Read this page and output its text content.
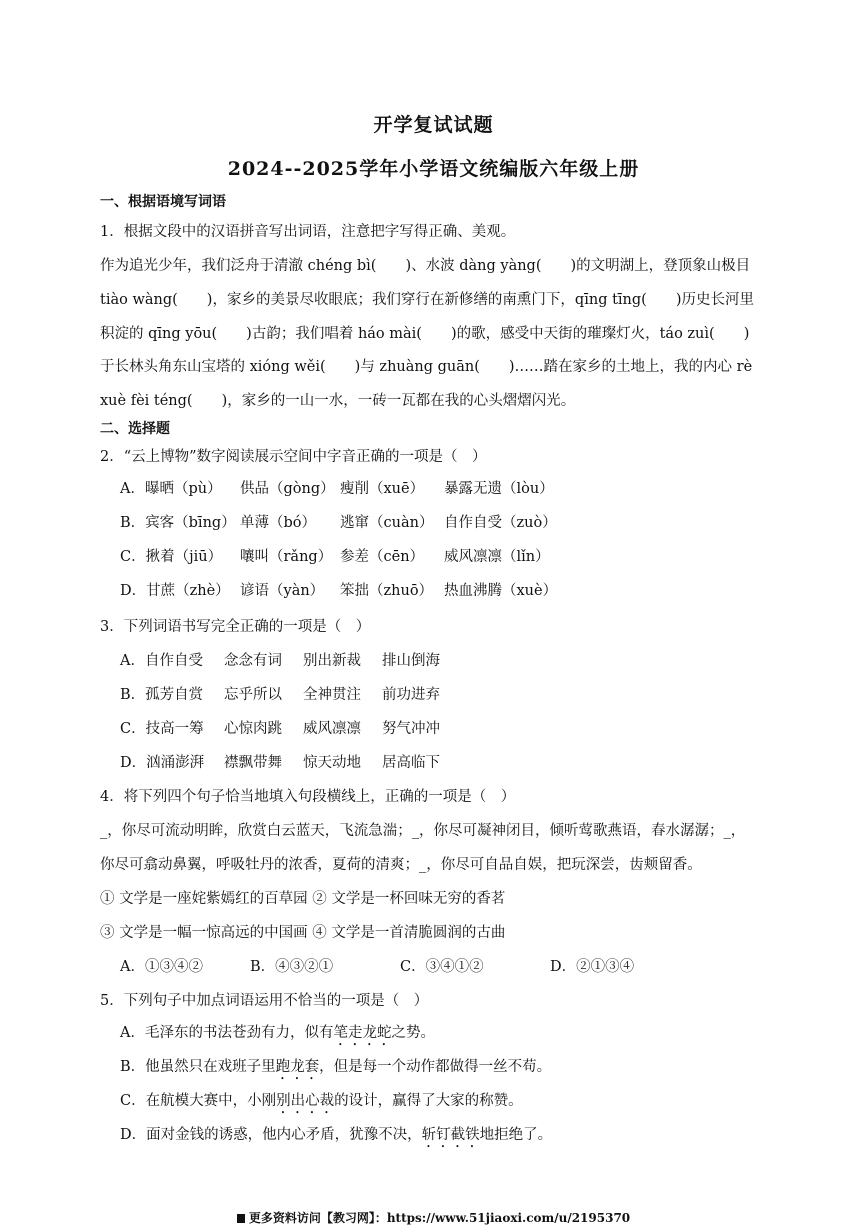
开学复试试题
2024--2025学年小学语文统编版六年级上册
一、根据语境写词语
1．根据文段中的汉语拼音写出词语，注意把字写得正确、美观。
作为追光少年，我们泛舟于清澈 chéng bì(　　)、水波 dàng yàng(　　)的文明湖上，登顶象山极目
tiào wàng(　　)，家乡的美景尽收眼底；我们穿行在新修缮的南熏门下，qīng tīng(　　)历史长河里
积淀的 qīng yōu(　　)古韵；我们唱着 háo mài(　　)的歌，感受中天街的璀璨灯火，táo zuì(　　)
于长林头角东山宝塔的 xióng wěi(　　)与 zhuàng guān(　　)……踏在家乡的土地上，我的内心 rè
xuè fèi téng(　　)，家乡的一山一水，一砖一瓦都在我的心头熠熠闪光。
二、选择题
2．“云上博物”数字阅读展示空间中字音正确的一项是（　）
A．曝晒（pù） 供品（gòng） 瘦削（xuē） 暴露无遗（lòu）
B．宾客（bīng） 单薄（bó） 逃窜（cuàn） 自作自受（zuò）
C．揪着（jiū） 嚷叫（rǎng） 参差（cēn） 威风凛凛（lǐn）
D．甘蔗（zhè） 谚语（yàn） 笨拙（zhuō） 热血沸腾（xuè）
3．下列词语书写完全正确的一项是（　）
A．自作自受 念念有词 别出新裁 排山倒海
B．孤芳自赏 忘乎所以 全神贯注 前功进弃
C．技高一筹 心惊肉跳 威风凛凛 努气冲冲
D．汹涌澎湃 襟飘带舞 惊天动地 居高临下
4．将下列四个句子恰当地填入句段横线上，正确的一项是（　）
_，你尽可流动明眸，欣赏白云蓝天，飞流急湍；_，你尽可凝神闭目，倾听莺歌燕语，春水潺潺；_，
你尽可翕动鼻翼，呼吸牡丹的浓香，夏荷的清爽；_，你尽可自品自娱，把玩深尝，齿颊留香。
① 文学是一座姹紫嫣红的百草园 ② 文学是一杯回味无穷的香茗
③ 文学是一幅一惊高远的中国画 ④ 文学是一首清脆圆润的古曲
A．①③④②	B．④③②①	C．③④①②	D．②①③④
5．下列句子中加点词语运用不恰当的一项是（　）
A．毛泽东的书法苍劲有力，似有笔走龙蛇之势。
B．他虽然只在戏班子里跑龙套，但是每一个动作都做得一丝不苟。
C．在航模大赛中，小刚别出心裁的设计，赢得了大家的称赞。
D．面对金钱的诱惑，他内心矛盾，犹豫不决，斩钉截铁地拒绝了。
更多资料访问【教习网】：https://www.51jiaoxi.com/u/2195370
